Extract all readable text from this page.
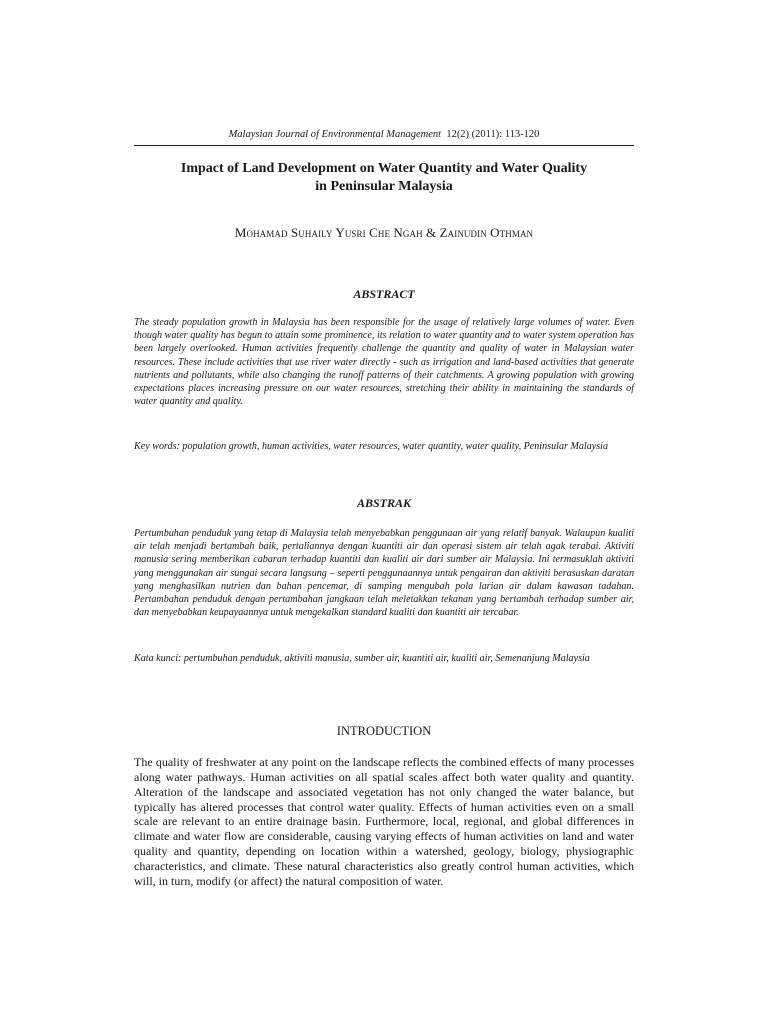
Malaysian Journal of Environmental Management 12(2) (2011): 113-120
Impact of Land Development on Water Quantity and Water Quality
in Peninsular Malaysia
Mohamad Suhaily Yusri Che Ngah & Zainudin Othman
ABSTRACT
The steady population growth in Malaysia has been responsible for the usage of relatively large volumes of water. Even though water quality has begun to attain some prominence, its relation to water quantity and to water system operation has been largely overlooked. Human activities frequently challenge the quantity and quality of water in Malaysian water resources. These include activities that use river water directly - such as irrigation and land-based activities that generate nutrients and pollutants, while also changing the runoff patterns of their catchments. A growing population with growing expectations places increasing pressure on our water resources, stretching their ability in maintaining the standards of water quantity and quality.
Key words: population growth, human activities, water resources, water quantity, water quality, Peninsular Malaysia
ABSTRAK
Pertumbuhan penduduk yang tetap di Malaysia telah menyebabkan penggunaan air yang relatif banyak. Walaupun kualiti air telah menjadi bertambah baik, pertaliannya dengan kuantiti air dan operasi sistem air telah agak terabai. Aktiviti manusia sering memberikan cabaran terhadap kuantiti dan kualiti air dari sumber air Malaysia. Ini termasuklah aktiviti yang menggunakan air sungai secara langsung – seperti penggunaannya untuk pengairan dan aktiviti berasaskan daratan yang menghasilkan nutrien dan bahan pencemar, di samping mengubah pola larian air dalam kawasan tadahan. Pertambahan penduduk dengan pertambahan jangkaan telah meletakkan tekanan yang bertambah terhadap sumber air, dan menyebabkan keupayaannya untuk mengekalkan standard kualiti dan kuantiti air tercabar.
Kata kunci: pertumbuhan penduduk, aktiviti manusia, sumber air, kuantiti air, kualiti air, Semenanjung Malaysia
INTRODUCTION
The quality of freshwater at any point on the landscape reflects the combined effects of many processes along water pathways. Human activities on all spatial scales affect both water quality and quantity. Alteration of the landscape and associated vegetation has not only changed the water balance, but typically has altered processes that control water quality. Effects of human activities even on a small scale are relevant to an entire drainage basin. Furthermore, local, regional, and global differences in climate and water flow are considerable, causing varying effects of human activities on land and water quality and quantity, depending on location within a watershed, geology, biology, physiographic characteristics, and climate. These natural characteristics also greatly control human activities, which will, in turn, modify (or affect) the natural composition of water.
